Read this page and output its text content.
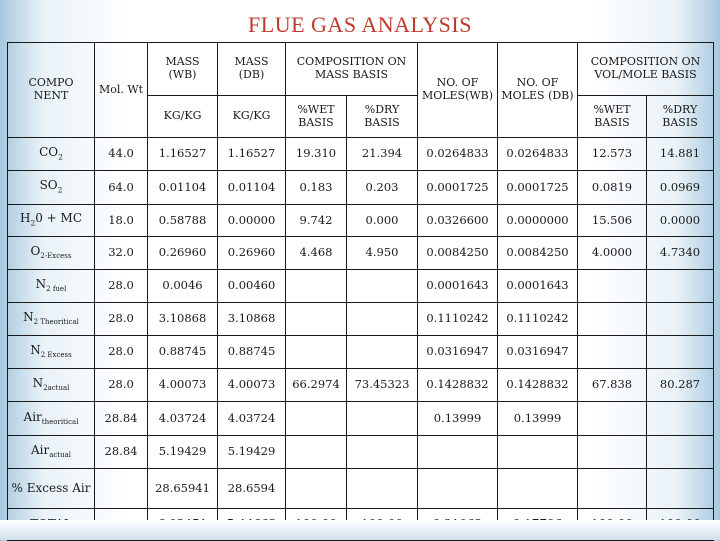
FLUE GAS ANALYSIS
COMPO NENT	Mol. Wt	MASS (WB)	MASS (DB)	COMPOSITION ON MASS BASIS		NO. OF MOLES(WB)	NO. OF MOLES (DB)	COMPOSITION ON VOL/MOLE BASIS	
		KG/KG	KG/KG	%WET BASIS	%DRY BASIS			%WET BASIS	%DRY BASIS
$CO_2$	44.0	1.16527	1.16527	19.310	21.394	0.0264833	0.0264833	12.573	14.881
$SO_2$	64.0	0.01104	0.01104	0.183	0.203	0.0001725	0.0001725	0.0819	0.0969
$H_20$ + MC	18.0	0.58788	0.00000	9.742	0.000	0.0326600	0.0000000	15.506	0.0000
$O_{2-Excess}$	32.0	0.26960	0.26960	4.468	4.950	0.0084250	0.0084250	4.0000	4.7340
$N_{2 fuel}$	28.0	0.0046	0.00460			0.0001643	0.0001643		
$N_{2 Theoritical}$	28.0	3.10868	3.10868			0.1110242	0.1110242		
$N_{2 Excess}$	28.0	0.88745	0.88745			0.0316947	0.0316947		
$N_{2actual}$	28.0	4.00073	4.00073	66.2974	73.45323	0.1428832	0.1428832	67.838	80.287
Air$_{theoritical}$	28.84	4.03724	4.03724			0.13999	0.13999		
Air$_{actual}$	28.84	5.19429	5.19429						
% Excess Air		28.65941	28.6594						
